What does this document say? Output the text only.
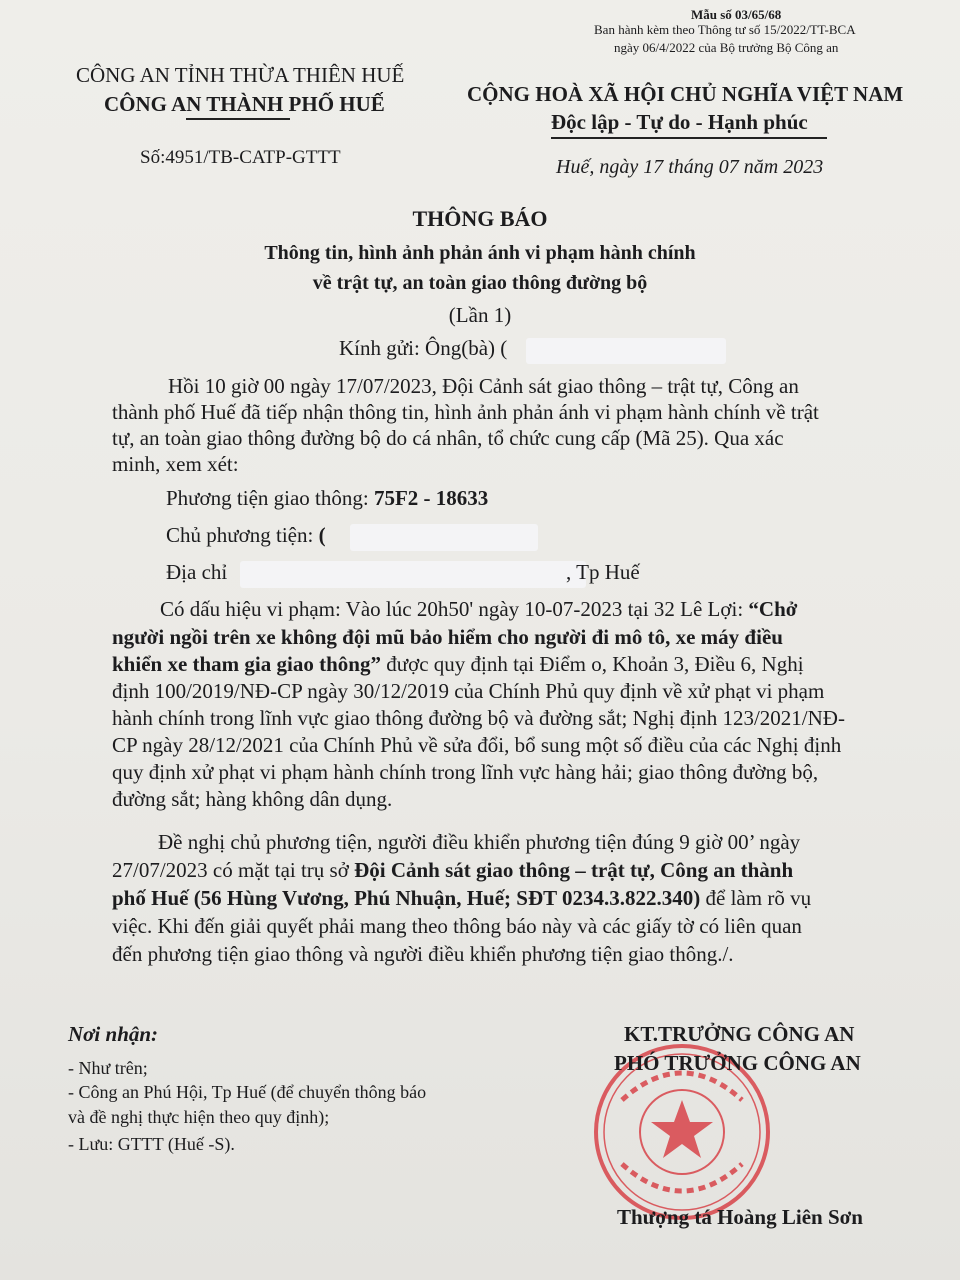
Mẫu số 03/65/68
Ban hành kèm theo Thông tư số 15/2022/TT-BCA
ngày 06/4/2022 của Bộ trưởng Bộ Công an
CÔNG AN TỈNH THỪA THIÊN HUẾ
CÔNG AN THÀNH PHỐ HUẾ	CỘNG HOÀ XÃ HỘI CHỦ NGHĨA VIỆT NAM
Độc lập - Tự do - Hạnh phúc
Số:4951/TB-CATP-GTTT	Huế, ngày 17 tháng 07 năm 2023
THÔNG BÁO
Thông tin, hình ảnh phản ánh vi phạm hành chính
về trật tự, an toàn giao thông đường bộ
(Lần 1)
Kính gửi: Ông(bà) (
Hồi 10 giờ 00 ngày 17/07/2023, Đội Cảnh sát giao thông – trật tự, Công an
thành phố Huế đã tiếp nhận thông tin, hình ảnh phản ánh vi phạm hành chính về trật
tự, an toàn giao thông đường bộ do cá nhân, tổ chức cung cấp (Mã 25). Qua xác
minh, xem xét:
Phương tiện giao thông: 75F2 - 18633
Chủ phương tiện: (
Địa chỉ	, Tp Huế
Có dấu hiệu vi phạm: Vào lúc 20h50' ngày 10-07-2023 tại 32 Lê Lợi: “Chở
người ngồi trên xe không đội mũ bảo hiểm cho người đi mô tô, xe máy điều
khiển xe tham gia giao thông” được quy định tại Điểm o, Khoản 3, Điều 6, Nghị
định 100/2019/NĐ-CP ngày 30/12/2019 của Chính Phủ quy định về xử phạt vi phạm
hành chính trong lĩnh vực giao thông đường bộ và đường sắt; Nghị định 123/2021/NĐ-
CP ngày 28/12/2021 của Chính Phủ về sửa đổi, bổ sung một số điều của các Nghị định
quy định xử phạt vi phạm hành chính trong lĩnh vực hàng hải; giao thông đường bộ,
đường sắt; hàng không dân dụng.
Đề nghị chủ phương tiện, người điều khiển phương tiện đúng 9 giờ 00’ ngày
27/07/2023 có mặt tại trụ sở Đội Cảnh sát giao thông – trật tự, Công an thành
phố Huế (56 Hùng Vương, Phú Nhuận, Huế; SĐT 0234.3.822.340) để làm rõ vụ
việc. Khi đến giải quyết phải mang theo thông báo này và các giấy tờ có liên quan
đến phương tiện giao thông và người điều khiển phương tiện giao thông./.
Nơi nhận:
- Như trên;
- Công an Phú Hội, Tp Huế (để chuyển thông báo
và đề nghị thực hiện theo quy định);
- Lưu: GTTT (Huế -S).
KT.TRƯỞNG CÔNG AN
PHÓ TRƯỞNG CÔNG AN
Thượng tá Hoàng Liên Sơn
